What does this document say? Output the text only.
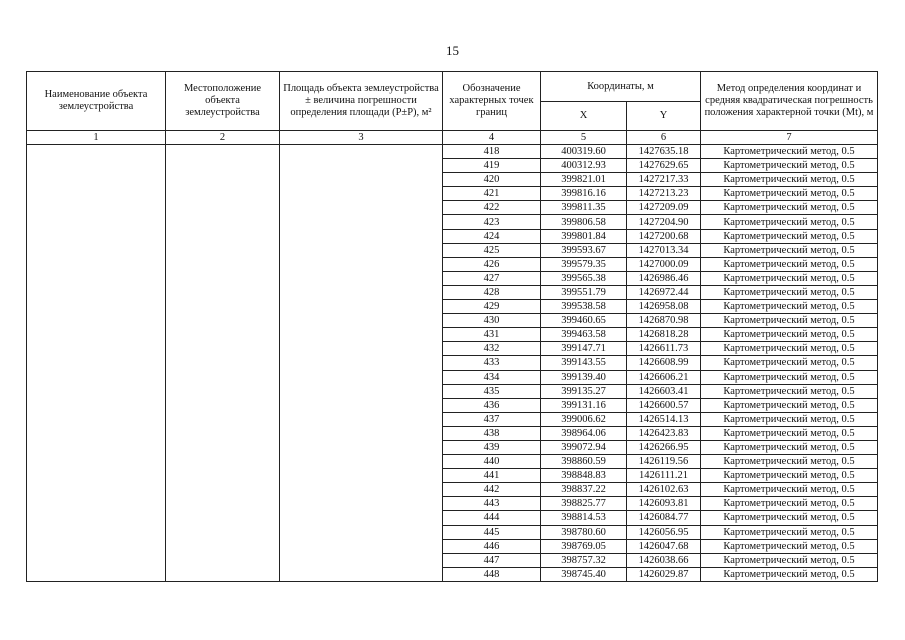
15
Наименование объекта землеустройства	Местоположение объекта землеустройства	Площадь объекта землеустройства ± величина погрешности определения площади (P±P), м²	Обозначение характерных точек границ	Координаты, м		Метод определения координат и средняя квадратическая погрешность положения характерной точки (Mt), м
				X	Y	
1	2	3	4	5	6	7
			418	400319.60	1427635.18	Картометрический метод, 0.5
			419	400312.93	1427629.65	Картометрический метод, 0.5
			420	399821.01	1427217.33	Картометрический метод, 0.5
			421	399816.16	1427213.23	Картометрический метод, 0.5
			422	399811.35	1427209.09	Картометрический метод, 0.5
			423	399806.58	1427204.90	Картометрический метод, 0.5
			424	399801.84	1427200.68	Картометрический метод, 0.5
			425	399593.67	1427013.34	Картометрический метод, 0.5
			426	399579.35	1427000.09	Картометрический метод, 0.5
			427	399565.38	1426986.46	Картометрический метод, 0.5
			428	399551.79	1426972.44	Картометрический метод, 0.5
			429	399538.58	1426958.08	Картометрический метод, 0.5
			430	399460.65	1426870.98	Картометрический метод, 0.5
			431	399463.58	1426818.28	Картометрический метод, 0.5
			432	399147.71	1426611.73	Картометрический метод, 0.5
			433	399143.55	1426608.99	Картометрический метод, 0.5
			434	399139.40	1426606.21	Картометрический метод, 0.5
			435	399135.27	1426603.41	Картометрический метод, 0.5
			436	399131.16	1426600.57	Картометрический метод, 0.5
			437	399006.62	1426514.13	Картометрический метод, 0.5
			438	398964.06	1426423.83	Картометрический метод, 0.5
			439	399072.94	1426266.95	Картометрический метод, 0.5
			440	398860.59	1426119.56	Картометрический метод, 0.5
			441	398848.83	1426111.21	Картометрический метод, 0.5
			442	398837.22	1426102.63	Картометрический метод, 0.5
			443	398825.77	1426093.81	Картометрический метод, 0.5
			444	398814.53	1426084.77	Картометрический метод, 0.5
			445	398780.60	1426056.95	Картометрический метод, 0.5
			446	398769.05	1426047.68	Картометрический метод, 0.5
			447	398757.32	1426038.66	Картометрический метод, 0.5
			448	398745.40	1426029.87	Картометрический метод, 0.5
